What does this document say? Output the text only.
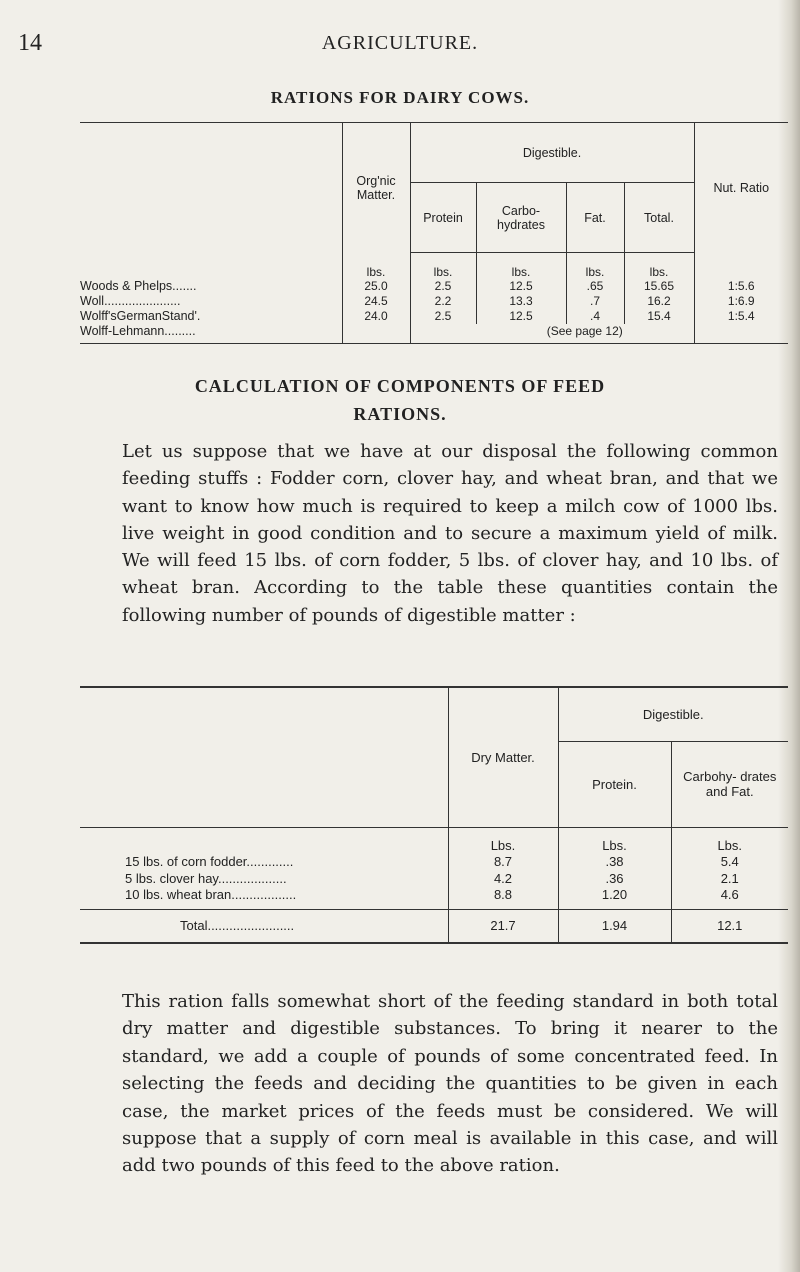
14	AGRICULTURE.
RATIONS FOR DAIRY COWS.
	Org'nic Matter.	Digestible.				Nut. Ratio
		Protein	Carbo- hydrates	Fat.	Total.	
	lbs.	lbs.	lbs.	lbs.	lbs.	
Woods & Phelps.......	25.0	2.5	12.5	.65	15.65	1:5.6
Woll......................	24.5	2.2	13.3	.7	16.2	1:6.9
Wolff'sGermanStand'.	24.0	2.5	12.5	.4	15.4	1:5.4
Wolff-Lehmann.........			(See page 12)			
CALCULATION OF COMPONENTS OF FEED
RATIONS.
Let us suppose that we have at our disposal the following common feeding stuffs : Fodder corn, clover hay, and wheat bran, and that we want to know how much is required to keep a milch cow of 1000 lbs. live weight in good condition and to secure a maximum yield of milk. We will feed 15 lbs. of corn fodder, 5 lbs. of clover hay, and 10 lbs. of wheat bran. According to the table these quantities contain the following number of pounds of digestible matter :
	Dry Matter.	Digestible.	
		Protein.	Carbohy- drates and Fat.
	Lbs.	Lbs.	Lbs.
15 lbs. of corn fodder.............	8.7	.38	5.4
5 lbs. clover hay...................	4.2	.36	2.1
10 lbs. wheat bran..................	8.8	1.20	4.6
Total........................	21.7	1.94	12.1
This ration falls somewhat short of the feeding standard in both total dry matter and digestible substances. To bring it nearer to the standard, we add a couple of pounds of some concentrated feed. In selecting the feeds and deciding the quantities to be given in each case, the market prices of the feeds must be considered. We will suppose that a supply of corn meal is available in this case, and will add two pounds of this feed to the above ration.
